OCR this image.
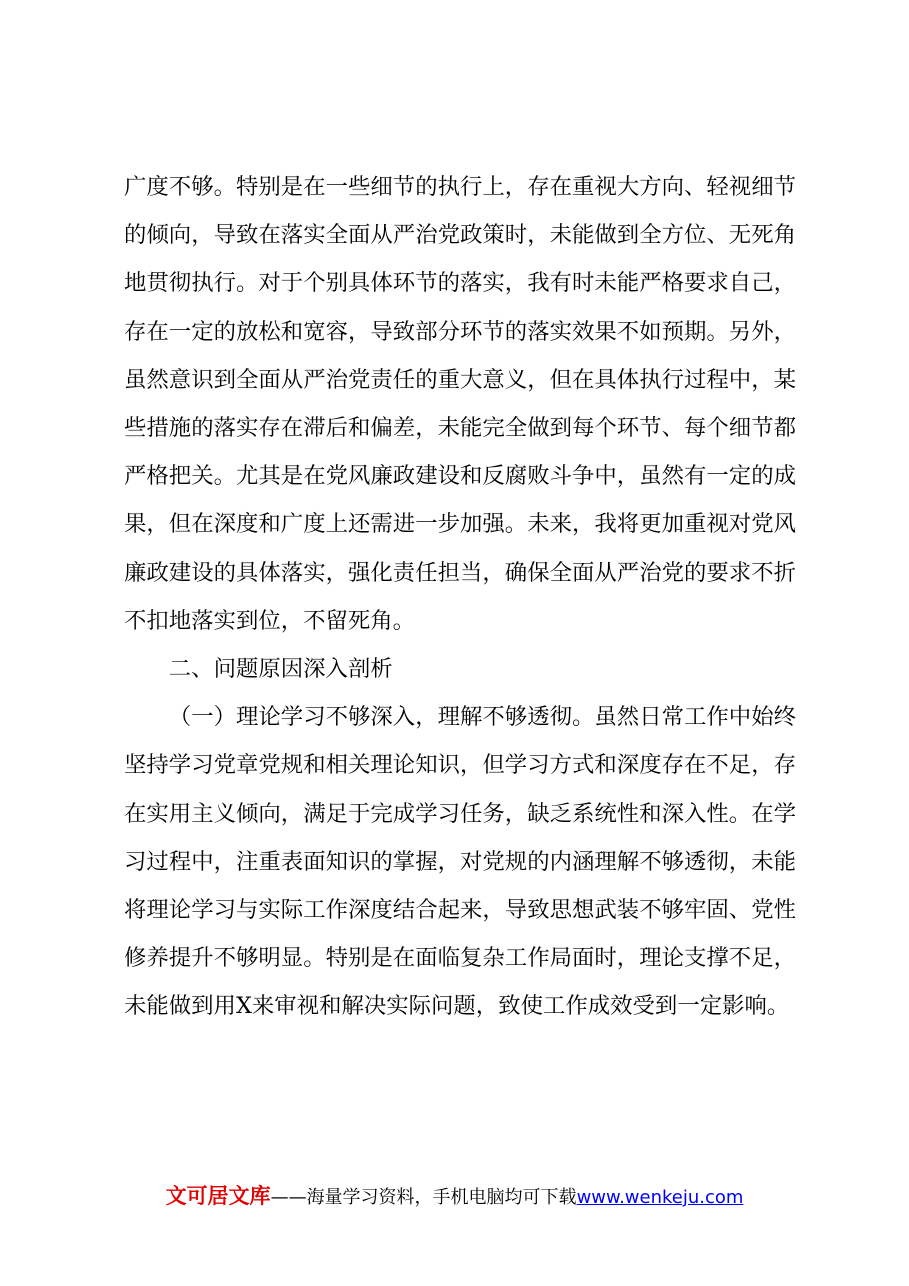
广度不够。特别是在一些细节的执行上，存在重视大方向、轻视细节的倾向，导致在落实全面从严治党政策时，未能做到全方位、无死角地贯彻执行。对于个别具体环节的落实，我有时未能严格要求自己，存在一定的放松和宽容，导致部分环节的落实效果不如预期。另外，虽然意识到全面从严治党责任的重大意义，但在具体执行过程中，某些措施的落实存在滞后和偏差，未能完全做到每个环节、每个细节都严格把关。尤其是在党风廉政建设和反腐败斗争中，虽然有一定的成果，但在深度和广度上还需进一步加强。未来，我将更加重视对党风廉政建设的具体落实，强化责任担当，确保全面从严治党的要求不折不扣地落实到位，不留死角。

二、问题原因深入剖析

（一）理论学习不够深入，理解不够透彻。虽然日常工作中始终坚持学习党章党规和相关理论知识，但学习方式和深度存在不足，存在实用主义倾向，满足于完成学习任务，缺乏系统性和深入性。在学习过程中，注重表面知识的掌握，对党规的内涵理解不够透彻，未能将理论学习与实际工作深度结合起来，导致思想武装不够牢固、党性修养提升不够明显。特别是在面临复杂工作局面时，理论支撑不足，未能做到用X来审视和解决实际问题，致使工作成效受到一定影响。

文可居文库——海量学习资料，手机电脑均可下载www.wenkeju.com
